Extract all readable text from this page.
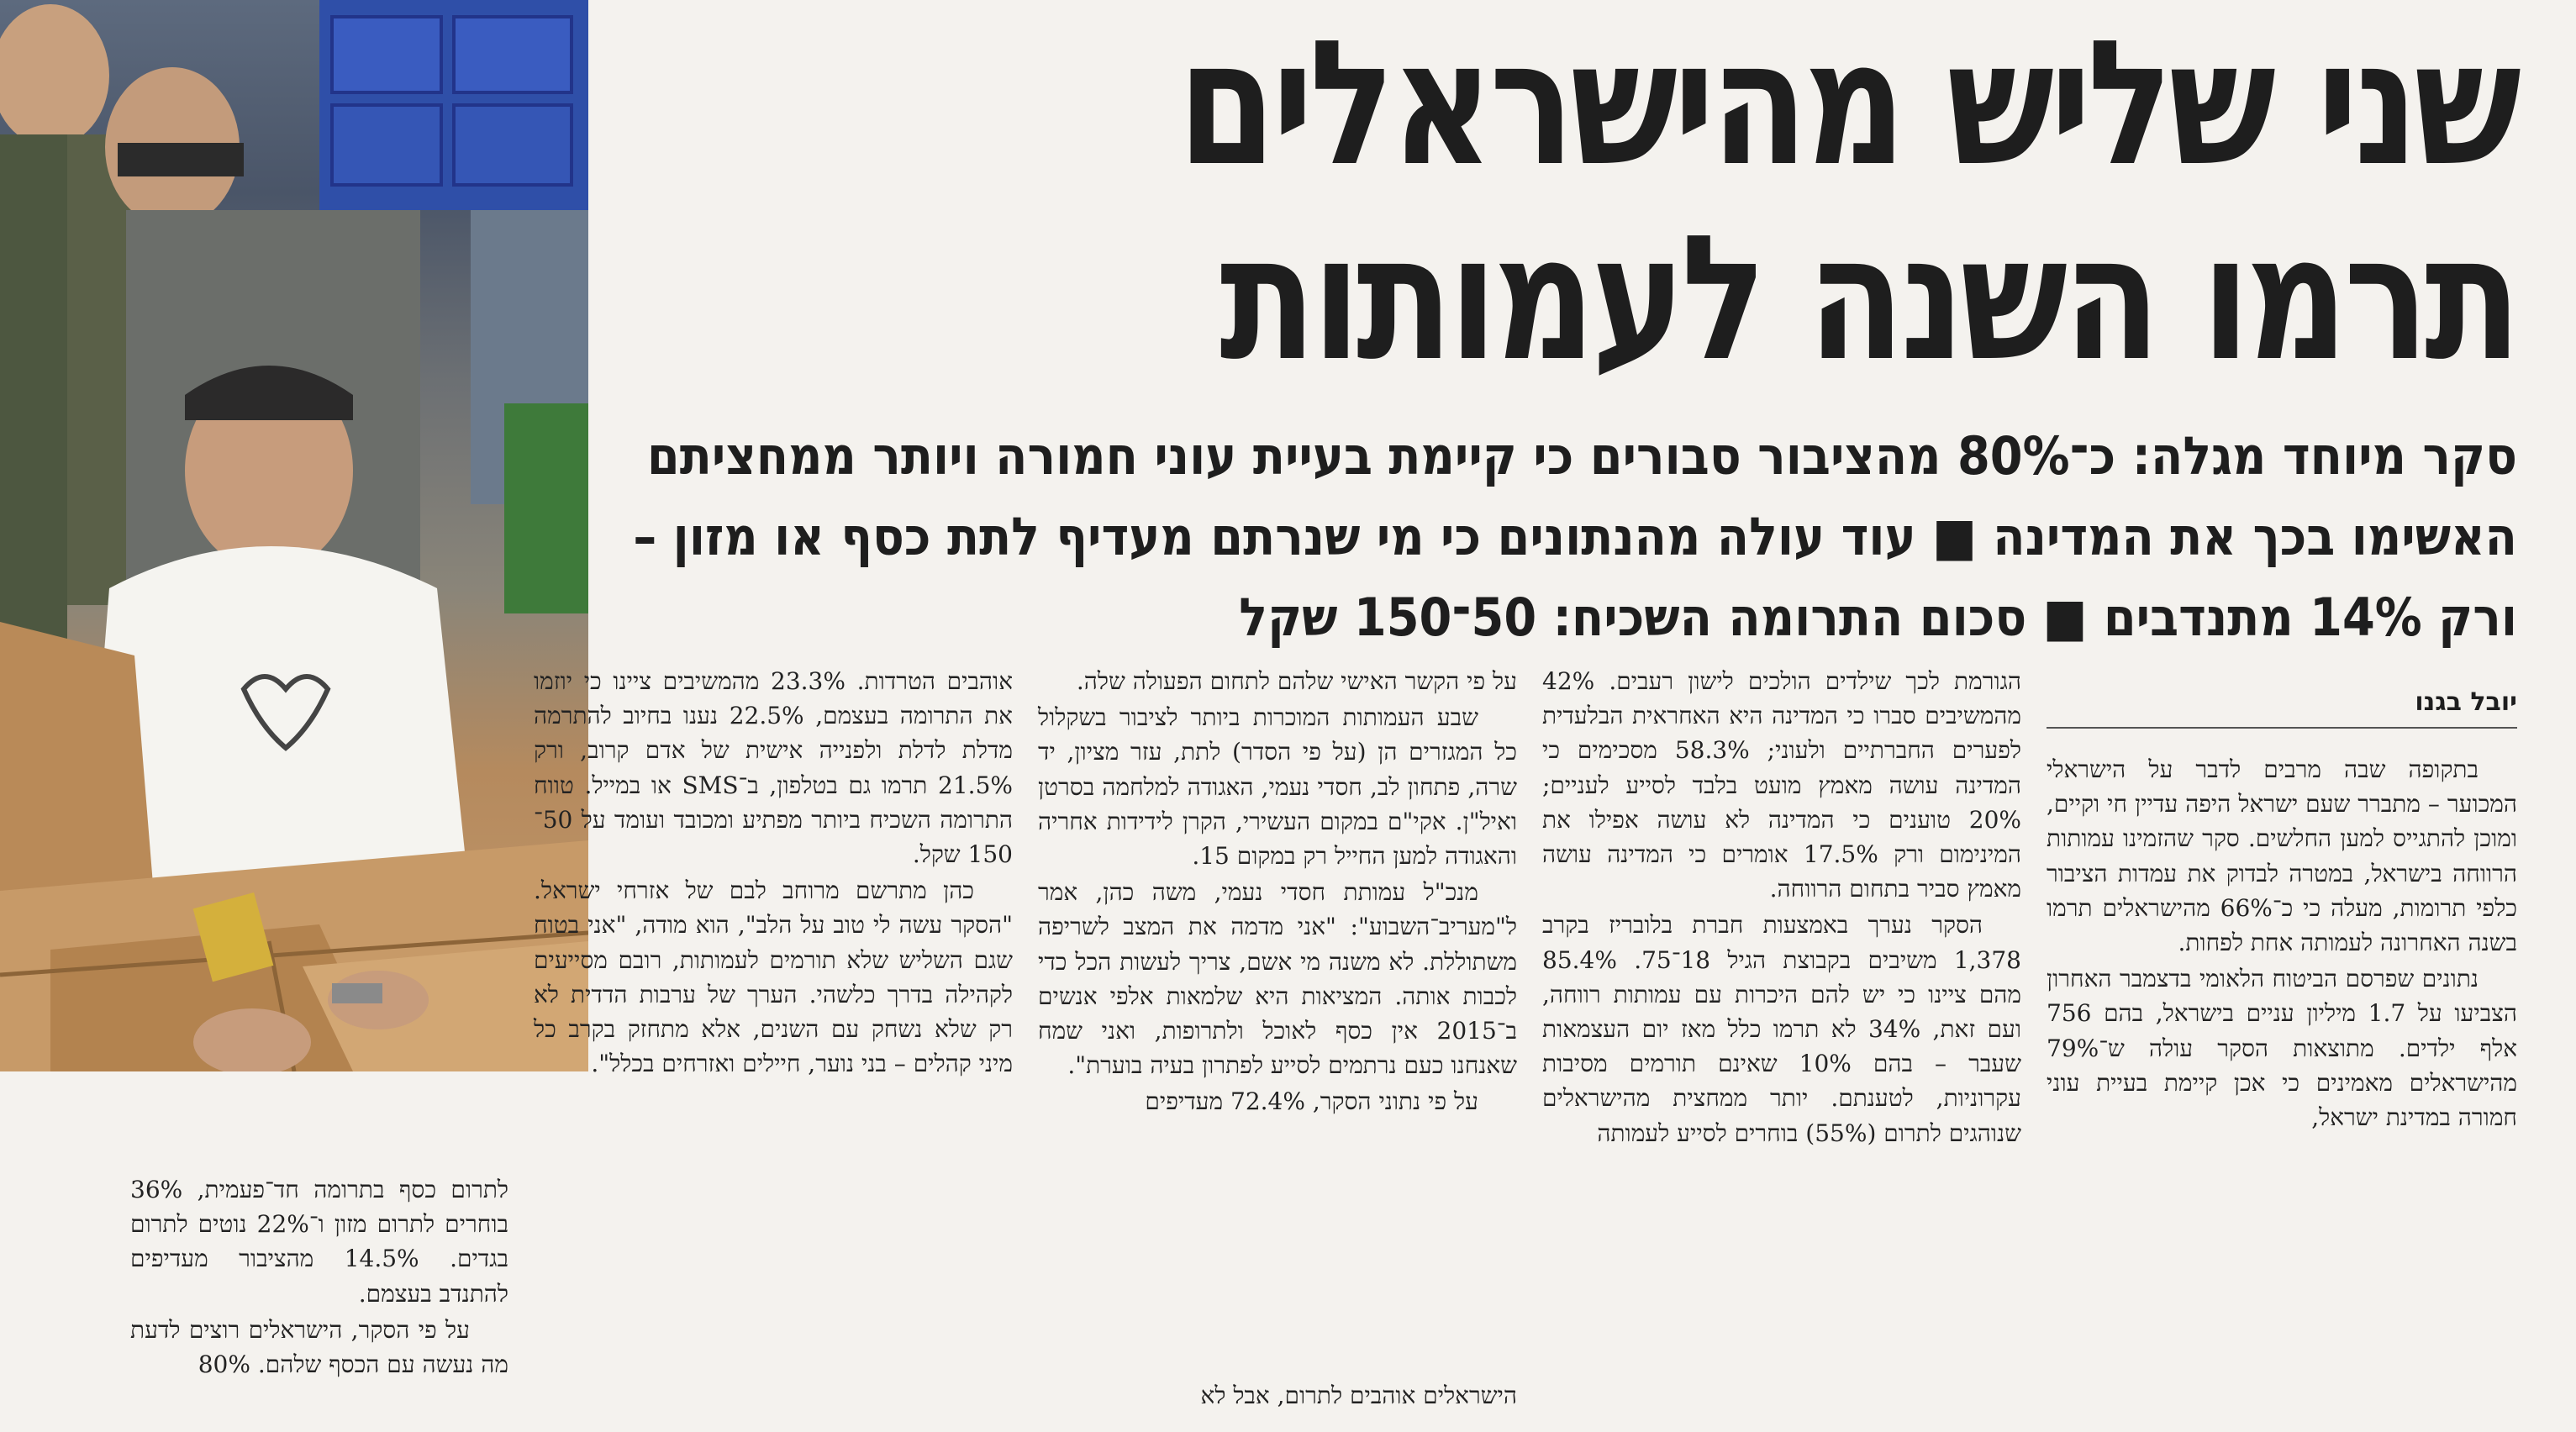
שני שליש מהישראלים
תרמו השנה לעמותות
סקר מיוחד מגלה: כ־80% מהציבור סבורים כי קיימת בעיית עוני חמורה ויותר ממחציתם
האשימו בכך את המדינה ■ עוד עולה מהנתונים כי מי שנרתם מעדיף לתת כסף או מזון –
ורק 14% מתנדבים ■ סכום התרומה השכיח: 50־150 שקל
יובל בגנו

בתקופה שבה מרבים לדבר על הישראלי המכוער – מתברר שעם ישראל היפה עדיין חי וקיים, ומוכן להתגייס למען החלשים. סקר שהזמינו עמותות הרווחה בישראל, במטרה לבדוק את עמדות הציבור כלפי תרומות, מעלה כי כ־66% מהישראלים תרמו בשנה האחרונה לעמותה אחת לפחות.

נתונים שפרסם הביטוח הלאומי בדצמבר האחרון הצביעו על 1.7 מיליון עניים בישראל, בהם 756 אלף ילדים. מתוצאות הסקר עולה ש־79% מהישראלים מאמינים כי אכן קיימת בעיית עוני חמורה במדינת ישראל,

הגורמת לכך שילדים הולכים לישון רעבים. 42% מהמשיבים סברו כי המדינה היא האחראית הבלעדית לפערים החברתיים ולעוני; 58.3% מסכימים כי המדינה עושה מאמץ מועט בלבד לסייע לעניים; 20% טוענים כי המדינה לא עושה אפילו את המינימום ורק 17.5% אומרים כי המדינה עושה מאמץ סביר בתחום הרווחה.

הסקר נערך באמצעות חברת בלובריז בקרב 1,378 משיבים בקבוצת הגיל 18־75. 85.4% מהם ציינו כי יש להם היכרות עם עמותות רווחה, ועם זאת, 34% לא תרמו כלל מאז יום העצמאות שעבר – בהם 10% שאינם תורמים מסיבות עקרוניות, לטענתם. יותר ממחצית מהישראלים שנוהגים לתרום (55%) בוחרים לסייע לעמותה

על פי הקשר האישי שלהם לתחום הפעולה שלה.

שבע העמותות המוכרות ביותר לציבור בשקלול כל המגזרים הן (על פי הסדר) לתת, עזר מציון, יד שרה, פתחון לב, חסדי נעמי, האגודה למלחמה בסרטן ואיל"ן. אקי"ם במקום העשירי, הקרן לידידות אחריה והאגודה למען החייל רק במקום 15.

מנכ"ל עמותת חסדי נעמי, משה כהן, אמר ל"מעריב־השבוע": "אני מדמה את המצב לשריפה משתוללת. לא משנה מי אשם, צריך לעשות הכל כדי לכבות אותה. המציאות היא שלמאות אלפי אנשים ב־2015 אין כסף לאוכל ולתרופות, ואני שמח שאנחנו כעם נרתמים לסייע לפתרון בעיה בוערת".

על פי נתוני הסקר, 72.4% מעדיפים

הישראלים אוהבים לתרום, אבל לא

אוהבים הטרדות. 23.3% מהמשיבים ציינו כי יוזמו את התרומה בעצמם, 22.5% נענו בחיוב להתרמה מדלת לדלת ולפנייה אישית של אדם קרוב, ורק 21.5% תרמו גם בטלפון, ב־SMS או במייל. טווח התרומה השכיח ביותר מפתיע ומכובד ועומד על 50־150 שקל.

כהן מתרשם מרוחב לבם של אזרחי ישראל. "הסקר עשה לי טוב על הלב", הוא מודה, "אני בטוח שגם השליש שלא תורמים לעמותות, רובם מסייעים לקהילה בדרך כלשהי. הערך של ערבות הדדית לא רק שלא נשחק עם השנים, אלא מתחזק בקרב כל מיני קהלים – בני נוער, חיילים ואזרחים בכלל".

לתרום כסף בתרומה חד־פעמית, 36% בוחרים לתרום מזון ו־22% נוטים לתרום בגדים. 14.5% מהציבור מעדיפים להתנדב בעצמם.

על פי הסקר, הישראלים רוצים לדעת מה נעשה עם הכסף שלהם. 80%
